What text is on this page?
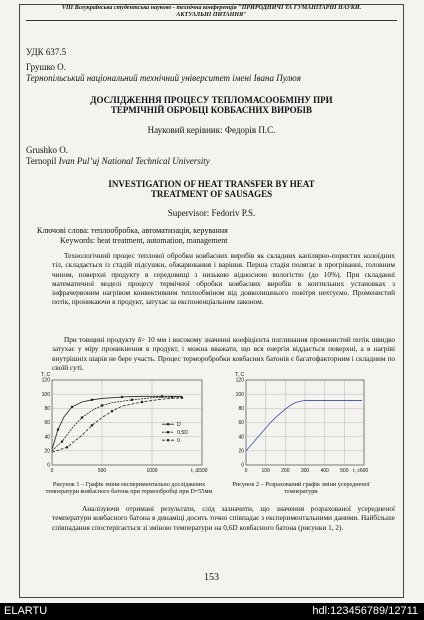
VIII Всеукраїнська студентська науково - технічна конференція "ПРИРОДНИЧІ ТА ГУМАНІТАРНІ НАУКИ.
АКТУАЛЬНІ ПИТАННЯ"
УДК 637.5
Грушко О.
Тернопільський національний технічний університет імені Івана Пулюя
ДОСЛІДЖЕННЯ ПРОЦЕСУ ТЕПЛОМАСООБМІНУ ПРИ
ТЕРМІЧНІЙ ОБРОБЦІ КОВБАСНИХ ВИРОБІВ
Науковий керівник: Федорів П.С.
Grushko O.
Ternopil Ivan Pul’uj National Technical University
INVESTIGATION OF HEAT TRANSFER BY HEAT
TREATMENT OF SAUSAGES
Supervisor: Fedoriv P.S.
Ключові слова: теплообробка, автоматизація, керування
Keywords: heat treatment, automation, management
Технологічний процес теплової обробки ковбасних виробів як складних капілярно-пористих колоїдних тіл, складається із стадій підсушки, обжарювання і варіння. Перша стадія полягає в прогріванні, головним чином, поверхні продукту в середовищі з низькою відносною вологістю (до 10%). При складанні математичної моделі процесу термічної обробки ковбасних виробів в коптильних установках з інфрачервоним нагрівом конвективним теплообміном від довколишнього повітря нехтуємо. Променистий потік, проникаючи в продукт, затухає за експоненціальним законом.
При товщині продукту δ> 10 мм і високому значенні коефіцієнта поглинання променистий потік швидко затухає у міру проникнення в продукт, і можна вважати, що вся енергія віддається поверхні, а в нагріві внутрішніх шарів не бере участь. Процес терморобробки ковбасних батонів є багатофакторним і складним по своїй суті.
0
20
40
60
80
100
120
0	500	1000	1500
T, C
t, c
D
0,5D
0
0
20
40
60
80
100
120
0	100 200 300 400 500 600
T, C
t, c
Рисунок 1 – Графік зміни експериментально досліджених температури ковбасного батона при термообробці при D=55мм
Рисунок 2 – Розрахований графік зміни усередненої температури
Аналізуючи отримані результати, слід зазначити, що значення розрахованої усередненої температури ковбасного батона в динаміці досить точно співпадає з експериментальними даними. Найбільше співпадання спостерігається зі зміною температури на 0,6D ковбасного батона (рисунки 1, 2).
153
ELARTU	hdl:123456789/12711
